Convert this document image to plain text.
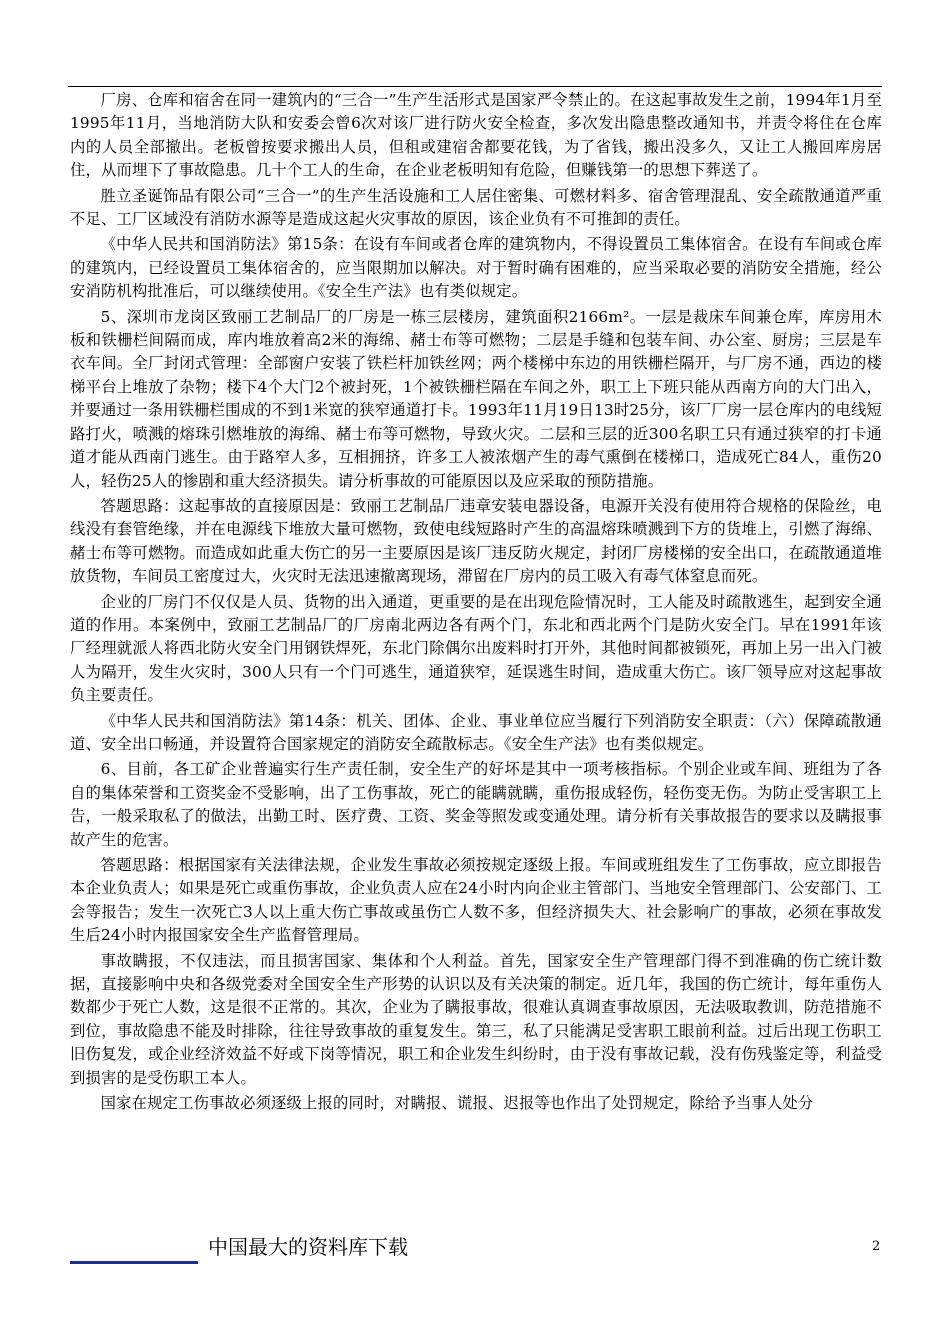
厂房、仓库和宿舍在同一建筑内的“三合一”生产生活形式是国家严令禁止的。在这起事故发生之前，1994年1月至1995年11月，当地消防大队和安委会曾6次对该厂进行防火安全检查，多次发出隐患整改通知书，并责令将住在仓库内的人员全部撤出。老板曾按要求搬出人员，但租或建宿舍都要花钱，为了省钱，搬出没多久，又让工人搬回库房居住，从而埋下了事故隐患。几十个工人的生命，在企业老板明知有危险，但赚钱第一的思想下葬送了。

胜立圣诞饰品有限公司“三合一”的生产生活设施和工人居住密集、可燃材料多、宿舍管理混乱、安全疏散通道严重不足、工厂区域没有消防水源等是造成这起火灾事故的原因，该企业负有不可推卸的责任。

《中华人民共和国消防法》第15条：在设有车间或者仓库的建筑物内，不得设置员工集体宿舍。在设有车间或仓库的建筑内，已经设置员工集体宿舍的，应当限期加以解决。对于暂时确有困难的，应当采取必要的消防安全措施，经公安消防机构批准后，可以继续使用。《安全生产法》也有类似规定。

5、深圳市龙岗区致丽工艺制品厂的厂房是一栋三层楼房，建筑面积2166m²。一层是裁床车间兼仓库，库房用木板和铁栅栏间隔而成，库内堆放着高2米的海绵、赭士布等可燃物；二层是手缝和包装车间、办公室、厨房；三层是车衣车间。全厂封闭式管理：全部窗户安装了铁栏杆加铁丝网；两个楼梯中东边的用铁栅栏隔开，与厂房不通，西边的楼梯平台上堆放了杂物；楼下4个大门2个被封死，1个被铁栅栏隔在车间之外，职工上下班只能从西南方向的大门出入，并要通过一条用铁栅栏围成的不到1米宽的狭窄通道打卡。1993年11月19日13时25分，该厂厂房一层仓库内的电线短路打火，喷溅的熔珠引燃堆放的海绵、赭士布等可燃物，导致火灾。二层和三层的近300名职工只有通过狭窄的打卡通道才能从西南门逃生。由于路窄人多，互相拥挤，许多工人被浓烟产生的毒气熏倒在楼梯口，造成死亡84人，重伤20人，轻伤25人的惨剧和重大经济损失。请分析事故的可能原因以及应采取的预防措施。

答题思路：这起事故的直接原因是：致丽工艺制品厂违章安装电器设备，电源开关没有使用符合规格的保险丝，电线没有套管绝缘，并在电源线下堆放大量可燃物，致使电线短路时产生的高温熔珠喷溅到下方的货堆上，引燃了海绵、赭士布等可燃物。而造成如此重大伤亡的另一主要原因是该厂违反防火规定，封闭厂房楼梯的安全出口，在疏散通道堆放货物，车间员工密度过大，火灾时无法迅速撤离现场，滞留在厂房内的员工吸入有毒气体窒息而死。

企业的厂房门不仅仅是人员、货物的出入通道，更重要的是在出现危险情况时，工人能及时疏散逃生，起到安全通道的作用。本案例中，致丽工艺制品厂的厂房南北两边各有两个门，东北和西北两个门是防火安全门。早在1991年该厂经理就派人将西北防火安全门用钢铁焊死，东北门除偶尔出废料时打开外，其他时间都被锁死，再加上另一出入门被人为隔开，发生火灾时，300人只有一个门可逃生，通道狭窄，延误逃生时间，造成重大伤亡。该厂领导应对这起事故负主要责任。

《中华人民共和国消防法》第14条：机关、团体、企业、事业单位应当履行下列消防安全职责：（六）保障疏散通道、安全出口畅通，并设置符合国家规定的消防安全疏散标志。《安全生产法》也有类似规定。

6、目前，各工矿企业普遍实行生产责任制，安全生产的好坏是其中一项考核指标。个别企业或车间、班组为了各自的集体荣誉和工资奖金不受影响，出了工伤事故，死亡的能瞒就瞒，重伤报成轻伤，轻伤变无伤。为防止受害职工上告，一般采取私了的做法，出勤工时、医疗费、工资、奖金等照发或变通处理。请分析有关事故报告的要求以及瞒报事故产生的危害。

答题思路：根据国家有关法律法规，企业发生事故必须按规定逐级上报。车间或班组发生了工伤事故，应立即报告本企业负责人；如果是死亡或重伤事故，企业负责人应在24小时内向企业主管部门、当地安全管理部门、公安部门、工会等报告；发生一次死亡3人以上重大伤亡事故或虽伤亡人数不多，但经济损失大、社会影响广的事故，必须在事故发生后24小时内报国家安全生产监督管理局。

事故瞒报，不仅违法，而且损害国家、集体和个人利益。首先，国家安全生产管理部门得不到准确的伤亡统计数据，直接影响中央和各级党委对全国安全生产形势的认识以及有关决策的制定。近几年，我国的伤亡统计，每年重伤人数都少于死亡人数，这是很不正常的。其次，企业为了瞒报事故，很难认真调查事故原因，无法吸取教训，防范措施不到位，事故隐患不能及时排除，往往导致事故的重复发生。第三，私了只能满足受害职工眼前利益。过后出现工伤职工旧伤复发，或企业经济效益不好或下岗等情况，职工和企业发生纠纷时，由于没有事故记载，没有伤残鉴定等，利益受到损害的是受伤职工本人。

国家在规定工伤事故必须逐级上报的同时，对瞒报、谎报、迟报等也作出了处罚规定，除给予当事人处分

中国最大的资料库下载	2
